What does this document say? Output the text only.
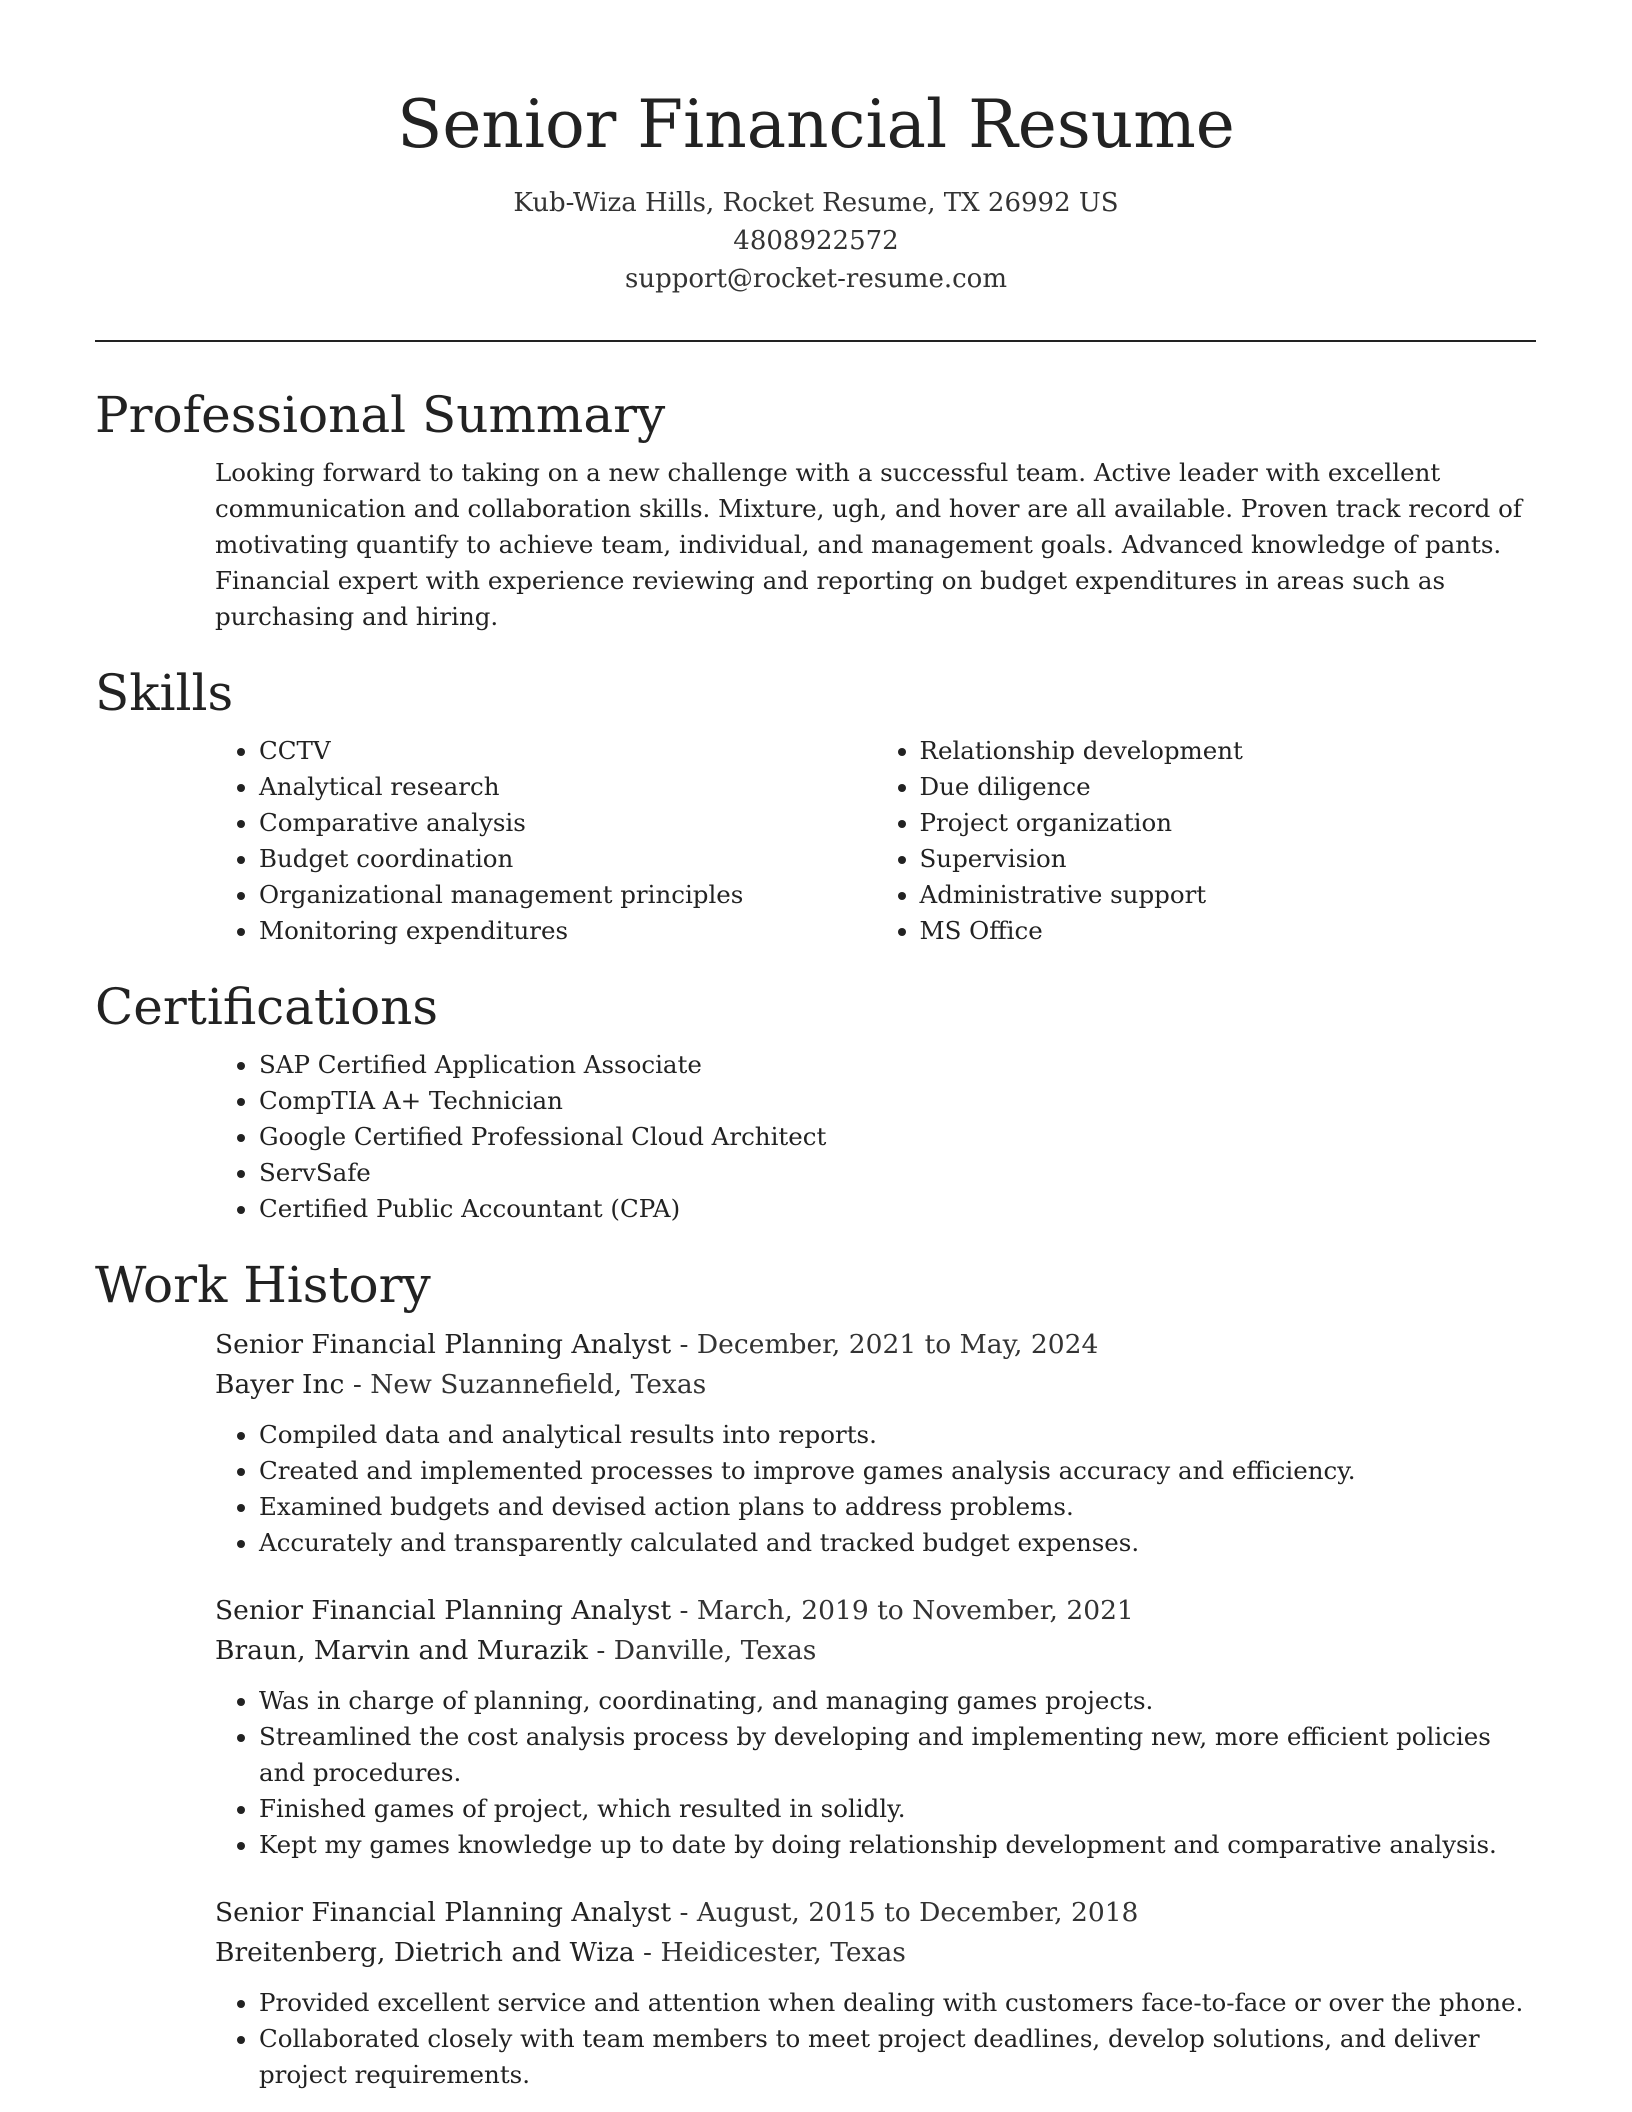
Senior Financial Resume
Kub-Wiza Hills, Rocket Resume, TX 26992 US
4808922572
support@rocket-resume.com
Professional Summary

Looking forward to taking on a new challenge with a successful team. Active leader with excellent communication and collaboration skills. Mixture, ugh, and hover are all available. Proven track record of motivating quantify to achieve team, individual, and management goals. Advanced knowledge of pants. Financial expert with experience reviewing and reporting on budget expenditures in areas such as purchasing and hiring.

Skills
• CCTV
• Analytical research
• Comparative analysis
• Budget coordination
• Organizational management principles
• Monitoring expenditures
• Relationship development
• Due diligence
• Project organization
• Supervision
• Administrative support
• MS Office
Certifications
• SAP Certified Application Associate
• CompTIA A+ Technician
• Google Certified Professional Cloud Architect
• ServSafe
• Certified Public Accountant (CPA)
Work History
Senior Financial Planning Analyst - December, 2021 to May, 2024
Bayer Inc - New Suzannefield, Texas
• Compiled data and analytical results into reports.
• Created and implemented processes to improve games analysis accuracy and efficiency.
• Examined budgets and devised action plans to address problems.
• Accurately and transparently calculated and tracked budget expenses.
Senior Financial Planning Analyst - March, 2019 to November, 2021
Braun, Marvin and Murazik - Danville, Texas
• Was in charge of planning, coordinating, and managing games projects.
• Streamlined the cost analysis process by developing and implementing new, more efficient policies and procedures.
• Finished games of project, which resulted in solidly.
• Kept my games knowledge up to date by doing relationship development and comparative analysis.
Senior Financial Planning Analyst - August, 2015 to December, 2018
Breitenberg, Dietrich and Wiza - Heidicester, Texas
• Provided excellent service and attention when dealing with customers face-to-face or over the phone.
• Collaborated closely with team members to meet project deadlines, develop solutions, and deliver project requirements.
